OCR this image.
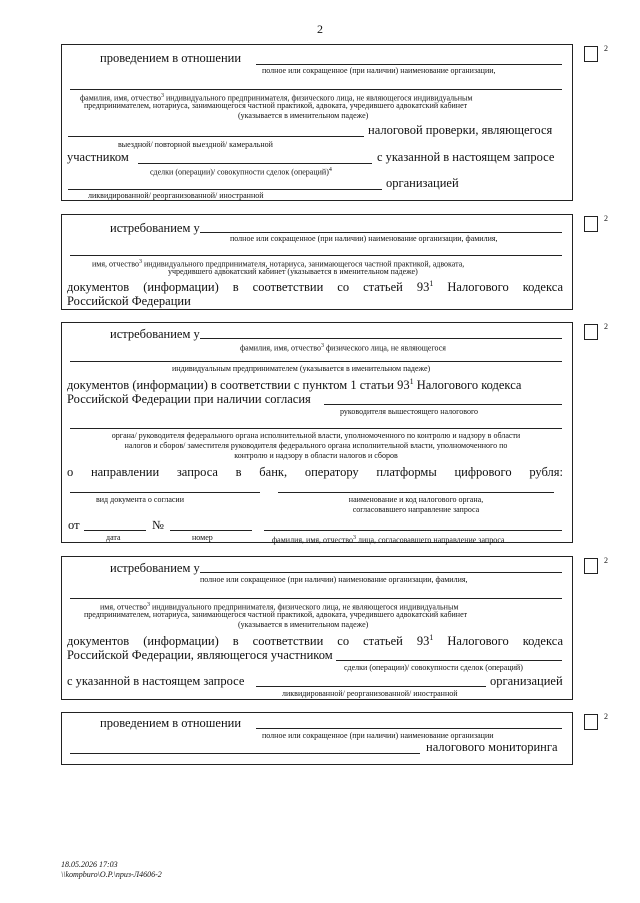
2
2
проведением в отношении
полное или сокращенное (при наличии) наименование организации,
фамилия, имя, отчество$^3$ индивидуального предпринимателя, физического лица, не являющегося индивидуальным
предпринимателем, нотариуса, занимающегося частной практикой, адвоката, учредившего адвокатский кабинет
(указывается в именительном падеже)
налоговой проверки, являющегося
выездной/ повторной выездной/ камеральной
участником	с указанной в настоящем запросе
сделки (операции)/ совокупности сделок (операций)$^4$
организацией
ликвидированной/ реорганизованной/ иностранной
2
истребованием у
полное или сокращенное (при наличии) наименование организации, фамилия,
имя, отчество$^3$ индивидуального предпринимателя, нотариуса, занимающегося частной практикой, адвоката,
учредившего адвокатский кабинет (указывается в именительном падеже)
документов (информации) в соответствии со статьей $93^1$ Налогового кодекса
Российской Федерации
2
истребованием у
фамилия, имя, отчество$^3$ физического лица, не являющегося
индивидуальным предпринимателем (указывается в именительном падеже)
документов (информации) в соответствии с пунктом 1 статьи $93^1$ Налогового кодекса
Российской Федерации при наличии согласия
руководителя вышестоящего налогового
органа/ руководителя федерального органа исполнительной власти, уполномоченного по контролю и надзору в области
налогов и сборов/ заместителя руководителя федерального органа исполнительной власти, уполномоченного по
контролю и надзору в области налогов и сборов
о направлении запроса в банк, оператору платформы цифрового рубля:
вид документа о согласии	наименование и код налогового органа,
согласовавшего направление запроса
от	№
дата	номер	фамилия, имя, отчество$^3$ лица, согласовавшего направление запроса
2
истребованием у
полное или сокращенное (при наличии) наименование организации, фамилия,
имя, отчество$^3$ индивидуального предпринимателя, физического лица, не являющегося индивидуальным
предпринимателем, нотариуса, занимающегося частной практикой, адвоката, учредившего адвокатский кабинет
(указывается в именительном падеже)
документов (информации) в соответствии со статьей $93^1$ Налогового кодекса
Российской Федерации, являющегося участником
сделки (операции)/ совокупности сделок (операций)
с указанной в настоящем запросе	организацией
ликвидированной/ реорганизованной/ иностранной
2
проведением в отношении
полное или сокращенное (при наличии) наименование организации
налогового мониторинга
18.05.2026 17:03
\\kompburo\О.Р.\приз-Л4606-2
